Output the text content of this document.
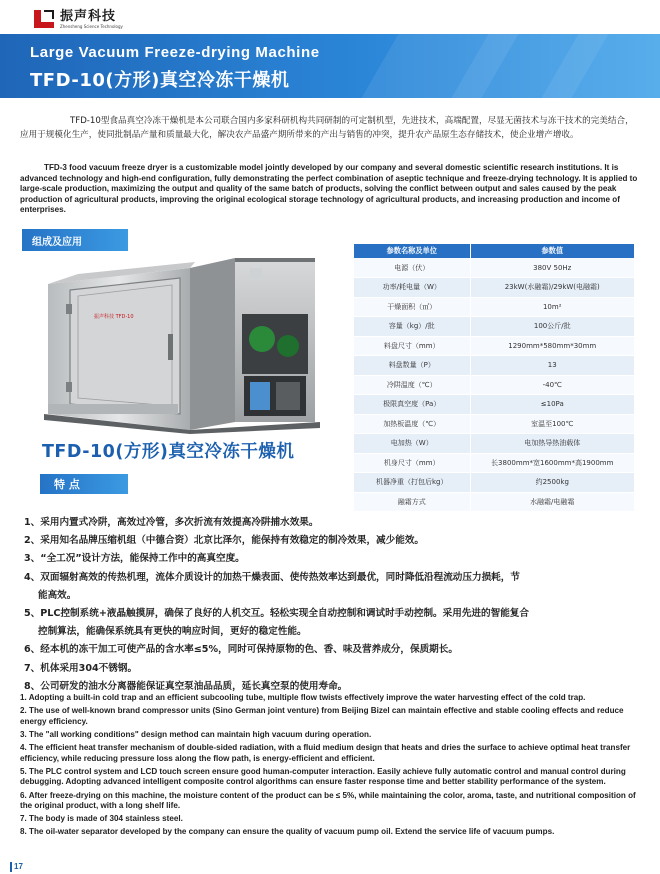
振声科技
Zhensheng Science Technology
Large Vacuum Freeze-drying Machine
TFD-10(方形)真空冷冻干燥机

TFD-10型食品真空冷冻干燥机是本公司联合国内多家科研机构共同研制的可定制机型，先进技术，高端配置，尽显无菌技术与冻干技术的完美结合，应用于规模化生产，使同批制品产量和质量最大化，解决农产品盛产期所带来的产出与销售的冲突，提升农产品原生态存储技术，使企业增产增收。

TFD-3 food vacuum freeze dryer is a customizable model jointly developed by our company and several domestic scientific research institutions. It is advanced technology and high-end configuration, fully demonstrating the perfect combination of aseptic technique and freeze-drying technology. It is applied to large-scale production, maximizing the output and quality of the same batch of products, solving the conflict between output and sales caused by the peak production of agricultural products, improving the original ecological storage technology of agricultural products, and increasing production and income of enterprises.

组成及应用
振声科技 TFD-10
TFD-10(方形)真空冷冻干燥机
特 点
参数名称及单位	参数值
电源（伏）	380V 50Hz
功率/耗电量（W）	23kW(水融霜)/29kW(电融霜)
干燥面积（㎡）	10m²
容量（kg）/批	100公斤/批
料盘尺寸（mm）	1290mm*580mm*30mm
料盘数量（P）	13
冷阱温度（℃）	-40℃
极限真空度（Pa）	≤10Pa
加热板温度（℃）	室温至100℃
电加热（W）	电加热导热油载体
机身尺寸（mm）	长3800mm*宽1600mm*高1900mm
机器净重（打包后kg）	约2500kg
融霜方式	水融霜/电融霜
1、采用内置式冷阱，高效过冷管，多次折流有效提高冷阱捕水效果。
2、采用知名品牌压缩机组（中德合资）北京比泽尔，能保持有效稳定的制冷效果，减少能效。
3、“全工况”设计方法，能保持工作中的高真空度。
4、双面辐射高效的传热机理，流体介质设计的加热干燥表面、使传热效率达到最优，同时降低沿程流动压力损耗，节
能高效。
5、PLC控制系统+液晶触摸屏，确保了良好的人机交互。轻松实现全自动控制和调试时手动控制。采用先进的智能复合
控制算法，能确保系统具有更快的响应时间，更好的稳定性能。
6、经本机的冻干加工可使产品的含水率≤5%，同时可保持原物的色、香、味及营养成分，保质期长。
7、机体采用304不锈钢。
8、公司研发的油水分离器能保证真空泵油品品质，延长真空泵的使用寿命。
1. Adopting a built-in cold trap and an efficient subcooling tube, multiple flow twists effectively improve the water harvesting effect of the cold trap.
2. The use of well-known brand compressor units (Sino German joint venture) from Beijing Bizel can maintain effective and stable cooling effects and reduce energy efficiency.
3. The "all working conditions" design method can maintain high vacuum during operation.
4. The efficient heat transfer mechanism of double-sided radiation, with a fluid medium design that heats and dries the surface to achieve optimal heat transfer efficiency, while reducing pressure loss along the flow path, is energy-efficient and efficient.
5. The PLC control system and LCD touch screen ensure good human-computer interaction. Easily achieve fully automatic control and manual control during debugging. Adopting advanced intelligent composite control algorithms can ensure faster response time and better stability performance of the system.
6. After freeze-drying on this machine, the moisture content of the product can be ≤ 5%, while maintaining the color, aroma, taste, and nutritional composition of the original product, with a long shelf life.
7. The body is made of 304 stainless steel.
8. The oil-water separator developed by the company can ensure the quality of vacuum pump oil. Extend the service life of vacuum pumps.
17
